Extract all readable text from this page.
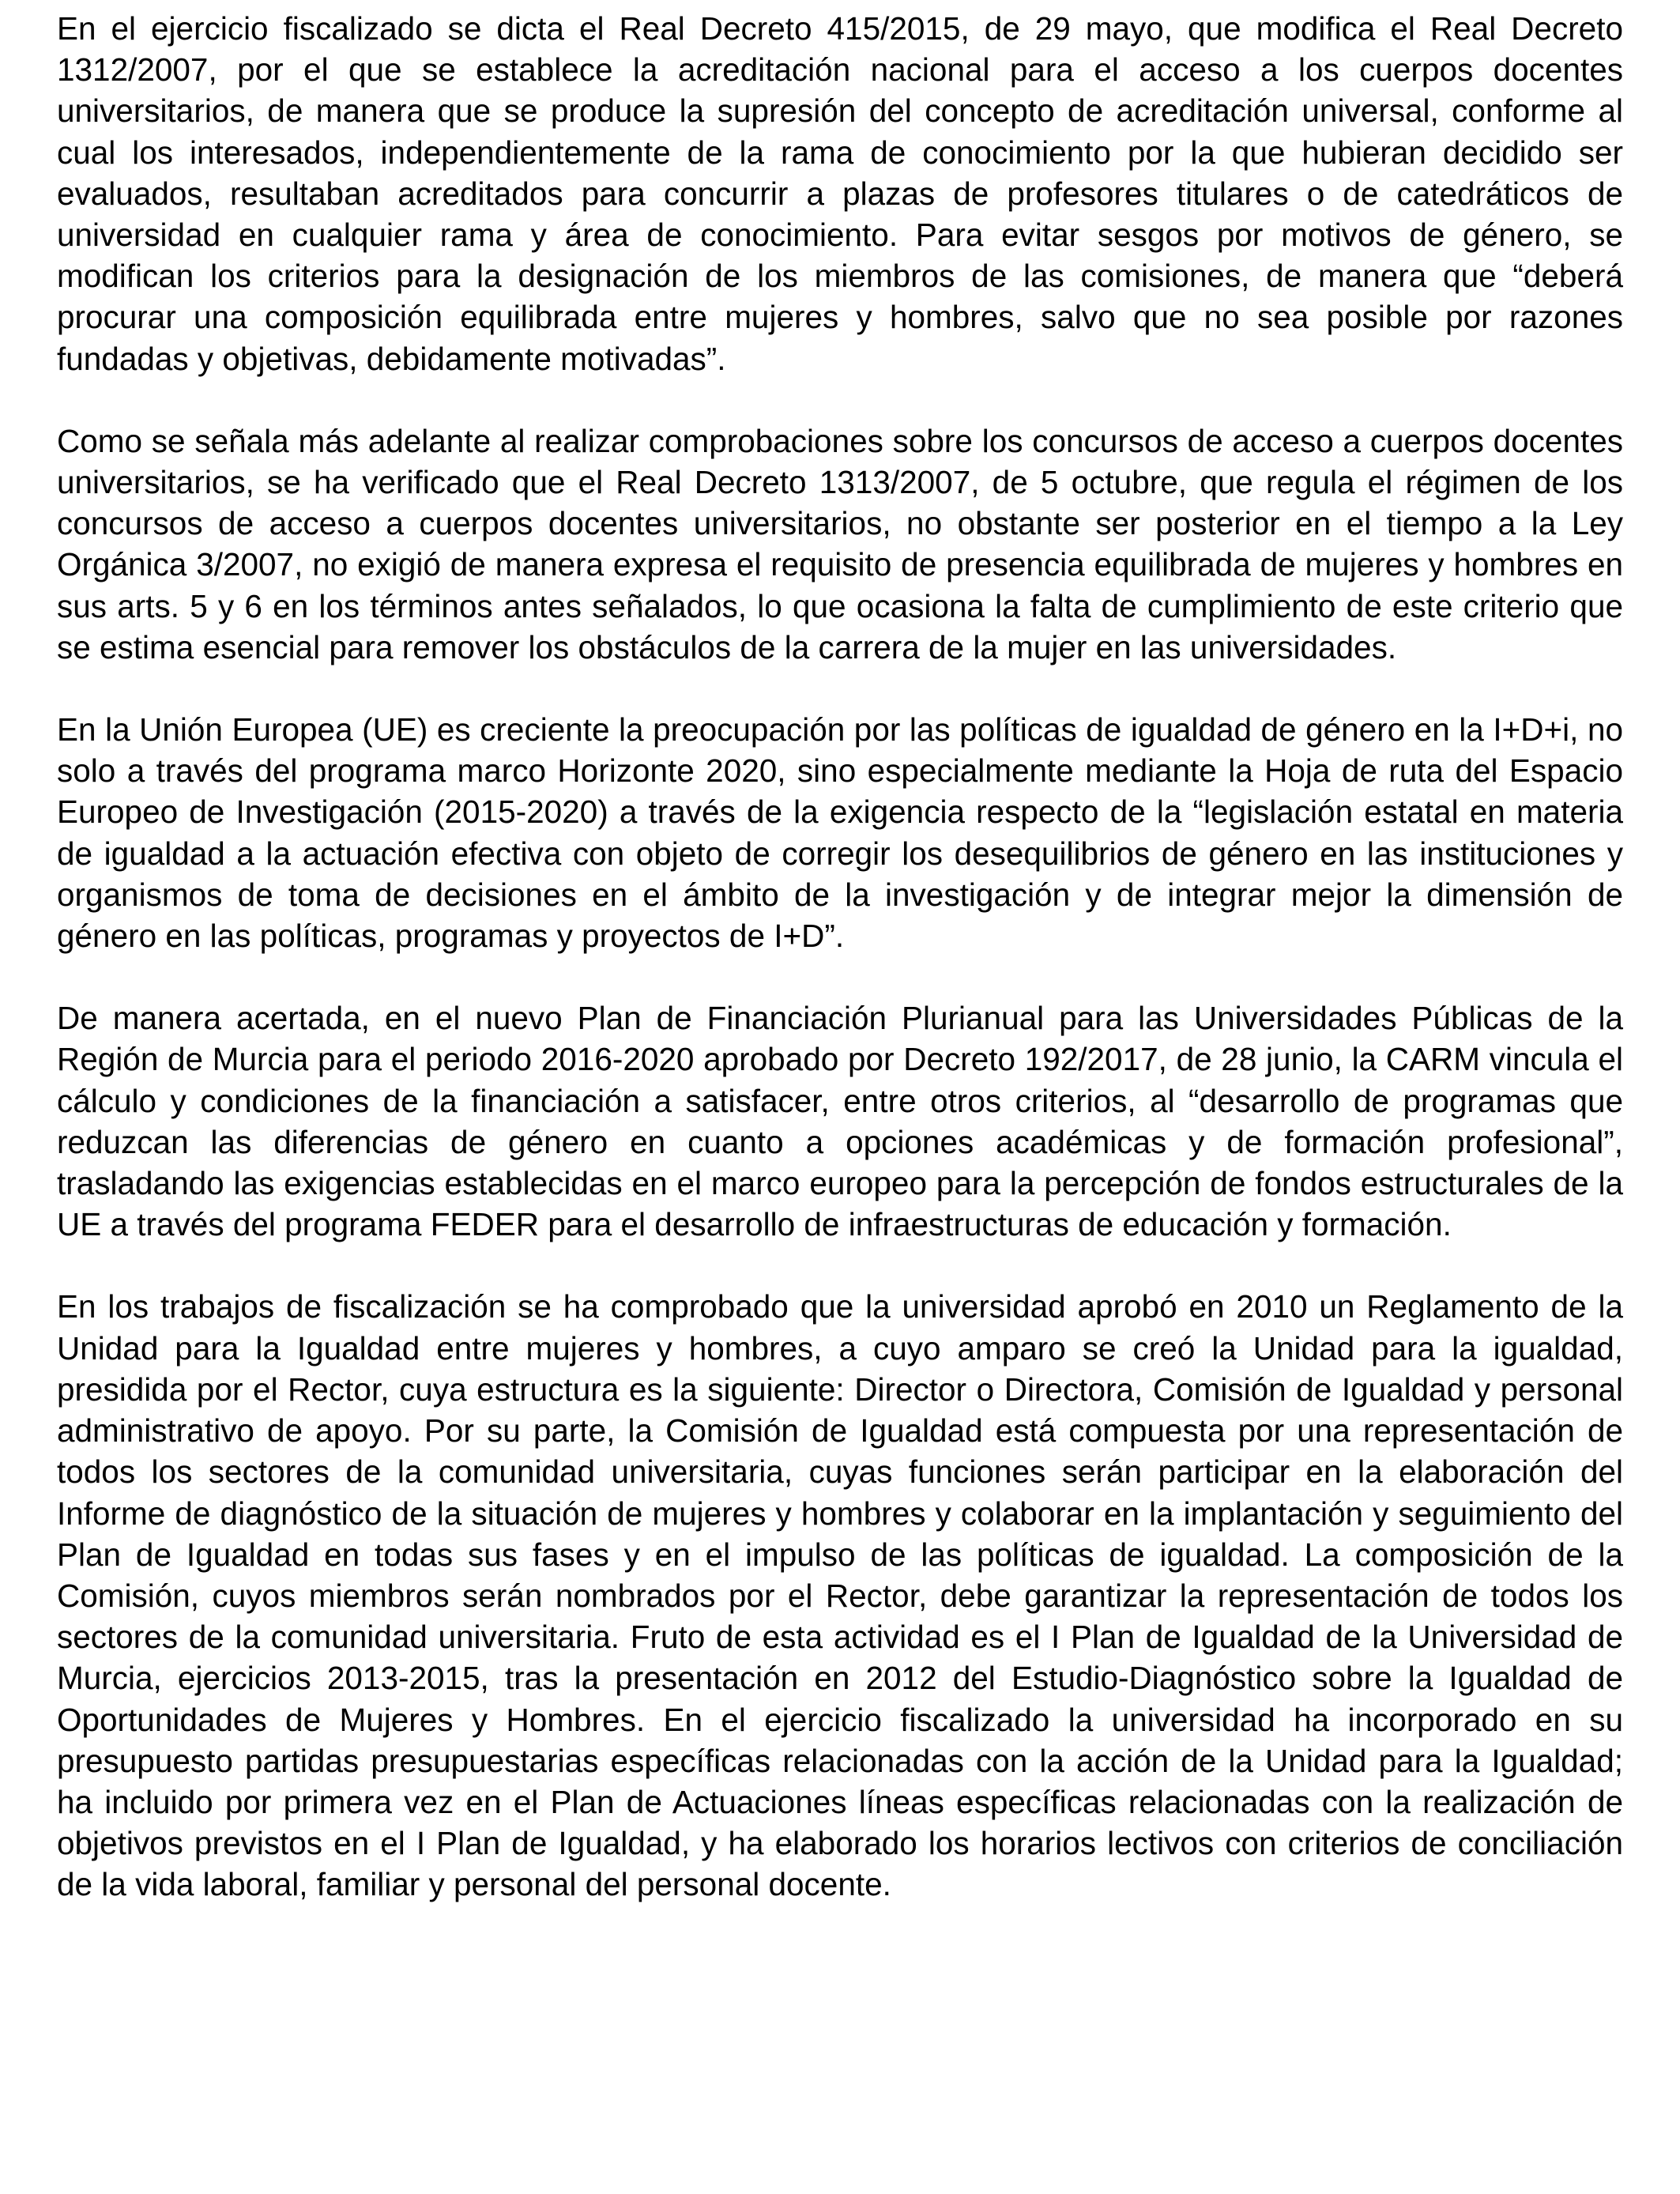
En el ejercicio fiscalizado se dicta el Real Decreto 415/2015, de 29 mayo, que modifica el Real Decreto 1312/2007, por el que se establece la acreditación nacional para el acceso a los cuerpos docentes universitarios, de manera que se produce la supresión del concepto de acreditación universal, conforme al cual los interesados, independientemente de la rama de conocimiento por la que hubieran decidido ser evaluados, resultaban acreditados para concurrir a plazas de profesores titulares o de catedráticos de universidad en cualquier rama y área de conocimiento. Para evitar sesgos por motivos de género, se modifican los criterios para la designación de los miembros de las comisiones, de manera que “deberá procurar una composición equilibrada entre mujeres y hombres, salvo que no sea posible por razones fundadas y objetivas, debidamente motivadas”.

Como se señala más adelante al realizar comprobaciones sobre los concursos de acceso a cuerpos docentes universitarios, se ha verificado que el Real Decreto 1313/2007, de 5 octubre, que regula el régimen de los concursos de acceso a cuerpos docentes universitarios, no obstante ser posterior en el tiempo a la Ley Orgánica 3/2007, no exigió de manera expresa el requisito de presencia equilibrada de mujeres y hombres en sus arts. 5 y 6 en los términos antes señalados, lo que ocasiona la falta de cumplimiento de este criterio que se estima esencial para remover los obstáculos de la carrera de la mujer en las universidades.

En la Unión Europea (UE) es creciente la preocupación por las políticas de igualdad de género en la I+D+i, no solo a través del programa marco Horizonte 2020, sino especialmente mediante la Hoja de ruta del Espacio Europeo de Investigación (2015-2020) a través de la exigencia respecto de la “legislación estatal en materia de igualdad a la actuación efectiva con objeto de corregir los desequilibrios de género en las instituciones y organismos de toma de decisiones en el ámbito de la investigación y de integrar mejor la dimensión de género en las políticas, programas y proyectos de I+D”.

De manera acertada, en el nuevo Plan de Financiación Plurianual para las Universidades Públicas de la Región de Murcia para el periodo 2016-2020 aprobado por Decreto 192/2017, de 28 junio, la CARM vincula el cálculo y condiciones de la financiación a satisfacer, entre otros criterios, al “desarrollo de programas que reduzcan las diferencias de género en cuanto a opciones académicas y de formación profesional”, trasladando las exigencias establecidas en el marco europeo para la percepción de fondos estructurales de la UE a través del programa FEDER para el desarrollo de infraestructuras de educación y formación.

En los trabajos de fiscalización se ha comprobado que la universidad aprobó en 2010 un Reglamento de la Unidad para la Igualdad entre mujeres y hombres, a cuyo amparo se creó la Unidad para la igualdad, presidida por el Rector, cuya estructura es la siguiente: Director o Directora, Comisión de Igualdad y personal administrativo de apoyo. Por su parte, la Comisión de Igualdad está compuesta por una representación de todos los sectores de la comunidad universitaria, cuyas funciones serán participar en la elaboración del Informe de diagnóstico de la situación de mujeres y hombres y colaborar en la implantación y seguimiento del Plan de Igualdad en todas sus fases y en el impulso de las políticas de igualdad. La composición de la Comisión, cuyos miembros serán nombrados por el Rector, debe garantizar la representación de todos los sectores de la comunidad universitaria. Fruto de esta actividad es el I Plan de Igualdad de la Universidad de Murcia, ejercicios 2013-2015, tras la presentación en 2012 del Estudio-Diagnóstico sobre la Igualdad de Oportunidades de Mujeres y Hombres. En el ejercicio fiscalizado la universidad ha incorporado en su presupuesto partidas presupuestarias específicas relacionadas con la acción de la Unidad para la Igualdad; ha incluido por primera vez en el Plan de Actuaciones líneas específicas relacionadas con la realización de objetivos previstos en el I Plan de Igualdad, y ha elaborado los horarios lectivos con criterios de conciliación de la vida laboral, familiar y personal del personal docente.
